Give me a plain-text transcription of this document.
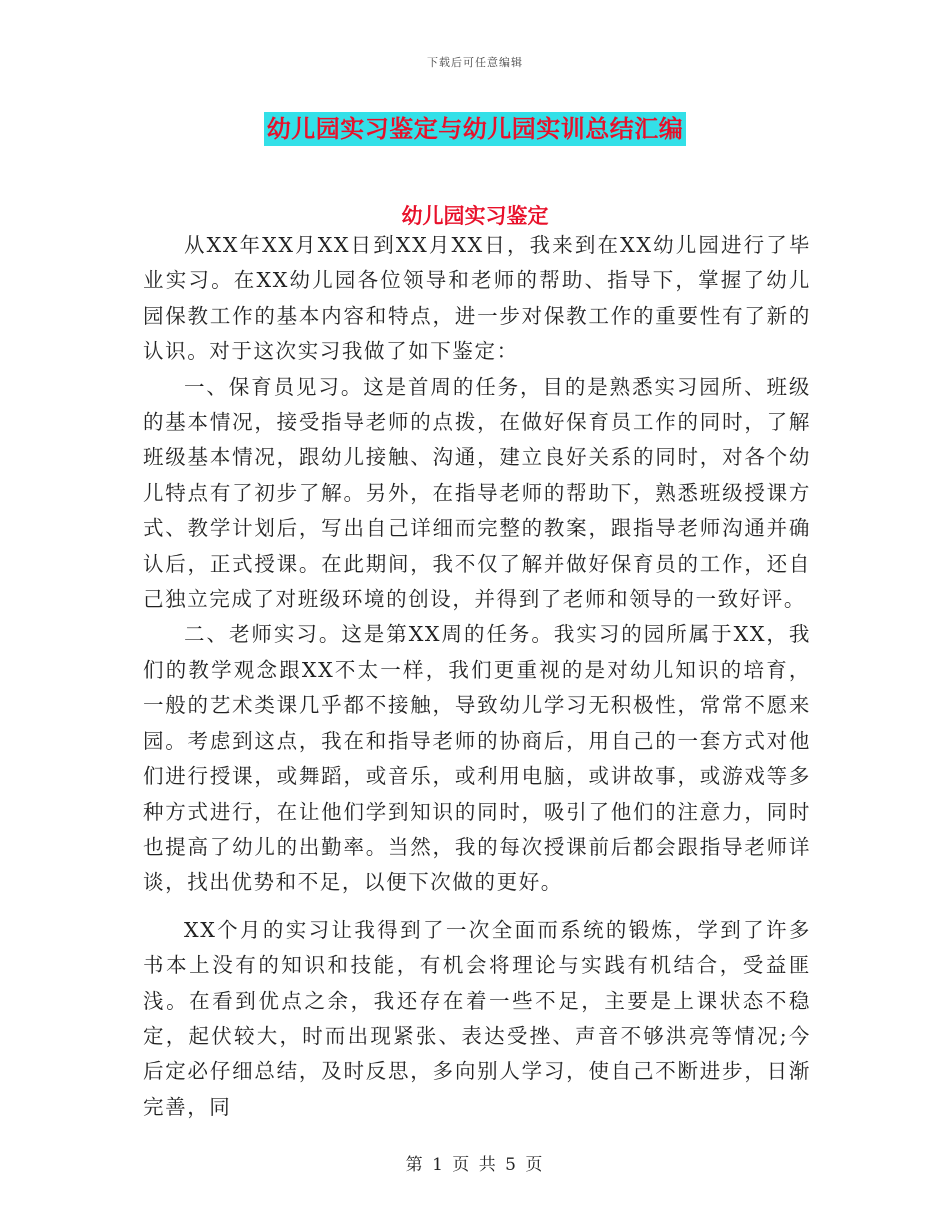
下载后可任意编辑
幼儿园实习鉴定与幼儿园实训总结汇编
幼儿园实习鉴定

从XX年XX月XX日到XX月XX日，我来到在XX幼儿园进行了毕业实习。在XX幼儿园各位领导和老师的帮助、指导下，掌握了幼儿园保教工作的基本内容和特点，进一步对保教工作的重要性有了新的认识。对于这次实习我做了如下鉴定：

一、保育员见习。这是首周的任务，目的是熟悉实习园所、班级的基本情况，接受指导老师的点拨，在做好保育员工作的同时，了解班级基本情况，跟幼儿接触、沟通，建立良好关系的同时，对各个幼儿特点有了初步了解。另外，在指导老师的帮助下，熟悉班级授课方式、教学计划后，写出自己详细而完整的教案，跟指导老师沟通并确认后，正式授课。在此期间，我不仅了解并做好保育员的工作，还自己独立完成了对班级环境的创设，并得到了老师和领导的一致好评。

二、老师实习。这是第XX周的任务。我实习的园所属于XX，我们的教学观念跟XX不太一样，我们更重视的是对幼儿知识的培育，一般的艺术类课几乎都不接触，导致幼儿学习无积极性，常常不愿来园。考虑到这点，我在和指导老师的协商后，用自己的一套方式对他们进行授课，或舞蹈，或音乐，或利用电脑，或讲故事，或游戏等多种方式进行，在让他们学到知识的同时，吸引了他们的注意力，同时也提高了幼儿的出勤率。当然，我的每次授课前后都会跟指导老师详谈，找出优势和不足，以便下次做的更好。

XX个月的实习让我得到了一次全面而系统的锻炼，学到了许多书本上没有的知识和技能，有机会将理论与实践有机结合，受益匪浅。在看到优点之余，我还存在着一些不足，主要是上课状态不稳定，起伏较大，时而出现紧张、表达受挫、声音不够洪亮等情况;今后定必仔细总结，及时反思，多向别人学习，使自己不断进步，日渐完善，同

第 1 页 共 5 页
